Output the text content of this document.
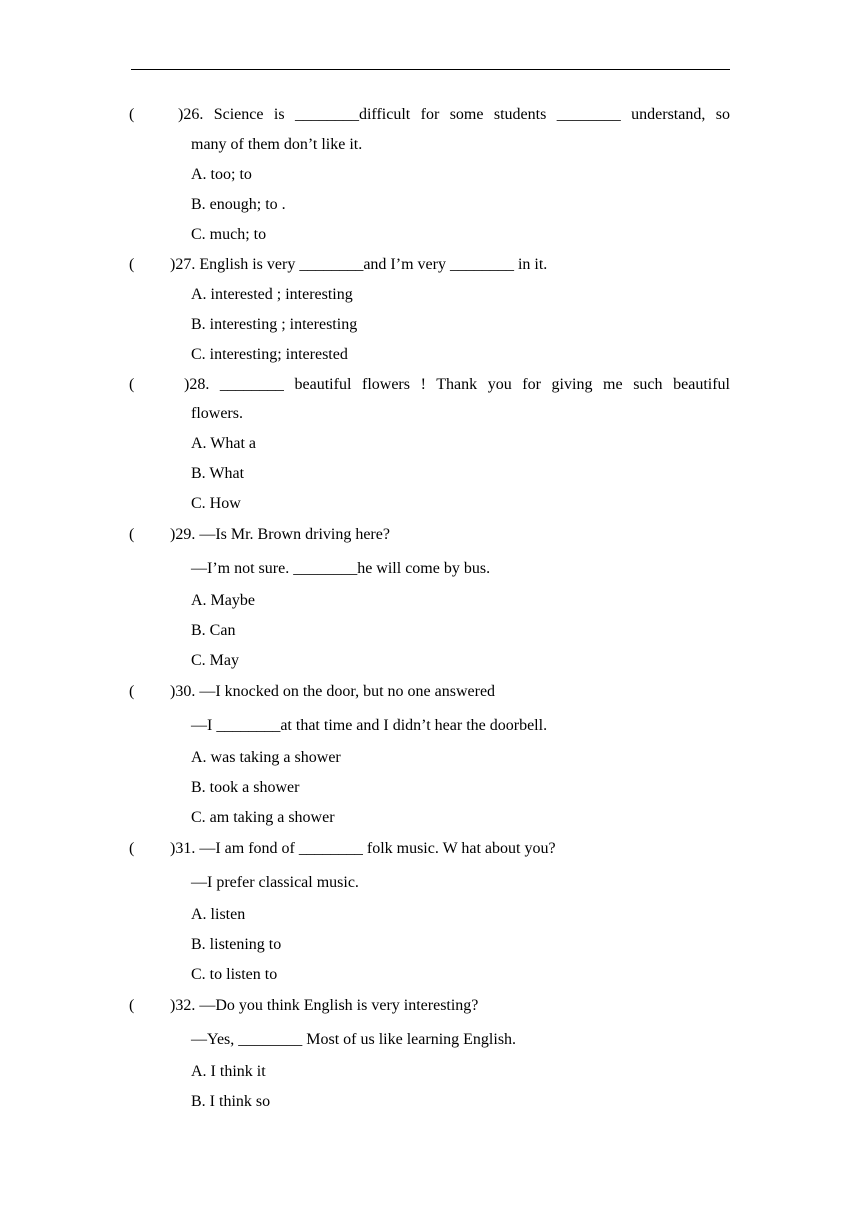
(	)26. Science is ________difficult for some students ________ understand, so
many of them don’t like it.
A. too; to
B. enough; to .
C. much; to
( )27. English is very ________and I’m very ________ in it.
A. interested ; interesting
B. interesting ; interesting
C. interesting; interested
(	)28. ________ beautiful flowers ! Thank you for giving me such beautiful
flowers.
A. What a
B. What
C. How
( )29. —Is Mr. Brown driving here?
—I’m not sure. ________he will come by bus.
A. Maybe
B. Can
C. May
( )30. —I knocked on the door, but no one answered
—I ________at that time and I didn’t hear the doorbell.
A. was taking a shower
B. took a shower
C. am taking a shower
( )31. —I am fond of ________ folk music. W hat about you?
—I prefer classical music.
A. listen
B. listening to
C. to listen to
( )32. —Do you think English is very interesting?
—Yes, ________ Most of us like learning English.
A. I think it
B. I think so
